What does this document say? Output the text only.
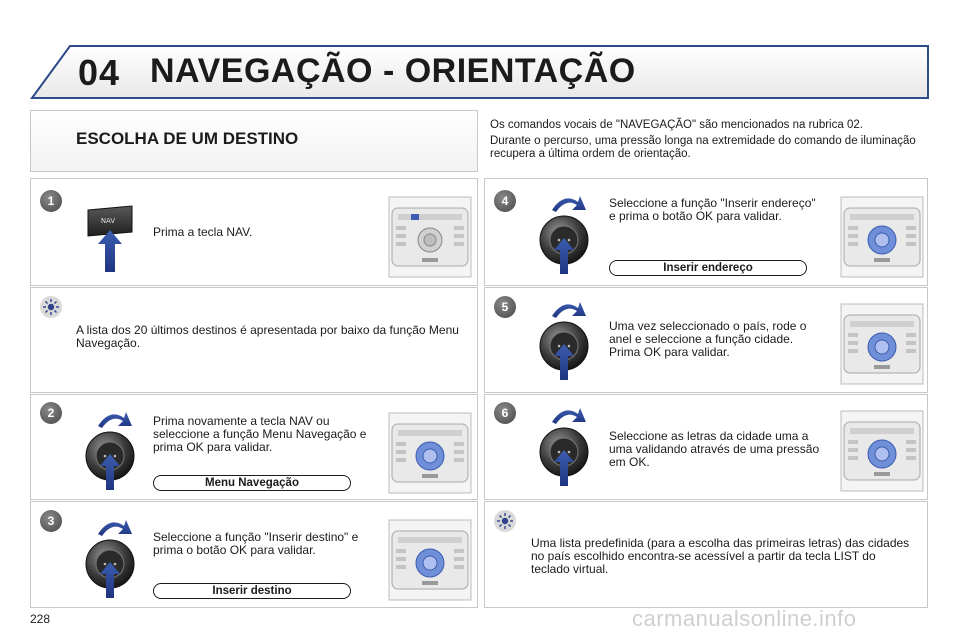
04 NAVEGAÇÃO - ORIENTAÇÃO
ESCOLHA DE UM DESTINO

Os comandos vocais de "NAVEGAÇÃO" são mencionados na rubrica 02.

Durante o percurso, uma pressão longa na extremidade do comando de iluminação recupera a última ordem de orientação.

1
2
3
4
5
6
NAV
Prima a tecla NAV.
A lista dos 20 últimos destinos é apresentada por baixo da função Menu Navegação.
Prima novamente a tecla NAV ou seleccione a função Menu Navegação e prima OK para validar.
Menu Navegação
Seleccione a função "Inserir destino" e prima o botão OK para validar.
Inserir destino
Seleccione a função "Inserir endereço" e prima o botão OK para validar.
Inserir endereço
Uma vez seleccionado o país, rode o anel e seleccione a função cidade. Prima OK para validar.
Seleccione as letras da cidade uma a uma validando através de uma pressão em OK.
Uma lista predefinida (para a escolha das primeiras letras) das cidades no país escolhido encontra-se acessível a partir da tecla LIST do teclado virtual.
228	carmanualsonline.info
